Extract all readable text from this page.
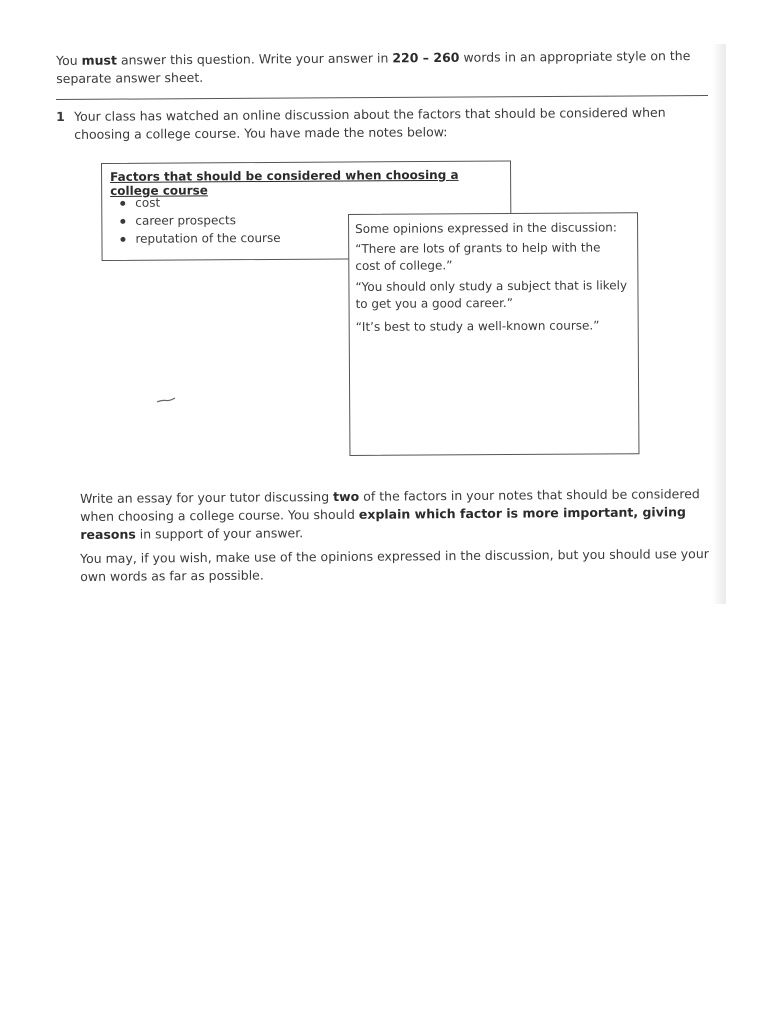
You must answer this question. Write your answer in 220 – 260 words in an appropriate style on the separate answer sheet.

1 Your class has watched an online discussion about the factors that should be considered when choosing a college course. You have made the notes below:
Factors that should be considered when choosing a college course
cost
career prospects
reputation of the course
Some opinions expressed in the discussion:
“There are lots of grants to help with the cost of college.”
“You should only study a subject that is likely to get you a good career.”
“It’s best to study a well-known course.”

Write an essay for your tutor discussing two of the factors in your notes that should be considered when choosing a college course. You should explain which factor is more important, giving reasons in support of your answer.

You may, if you wish, make use of the opinions expressed in the discussion, but you should use your own words as far as possible.
